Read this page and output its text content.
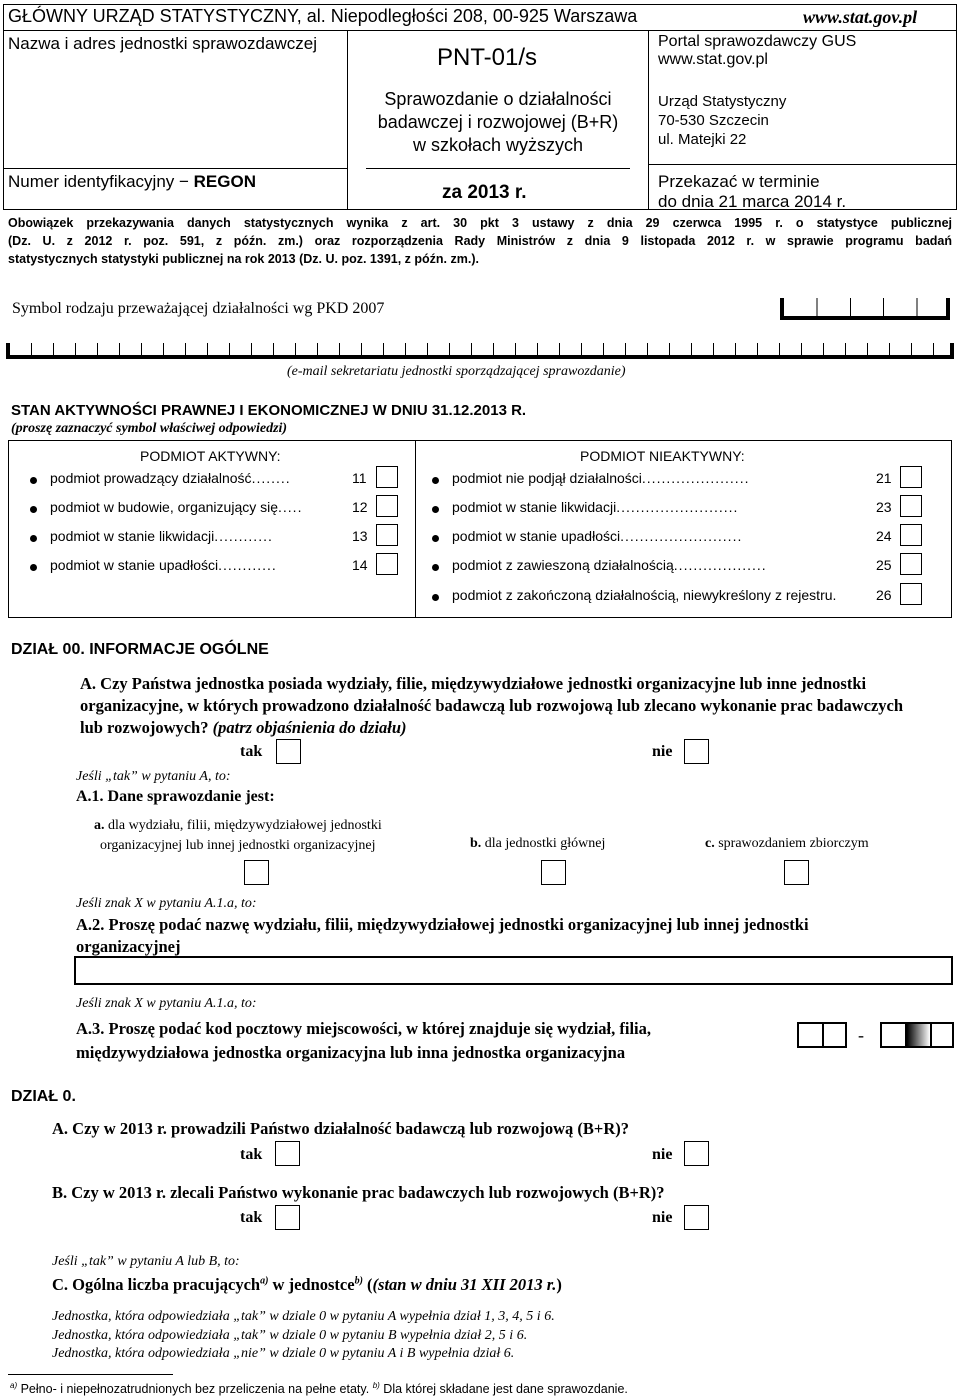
GŁÓWNY URZĄD STATYSTYCZNY, al. Niepodległości 208, 00-925 Warszawa	www.stat.gov.pl
Nazwa i adres jednostki sprawozdawczej
Numer identyfikacyjny − REGON
PNT-01/s
Sprawozdanie o działalności
badawczej i rozwojowej (B+R)
w szkołach wyższych
za 2013 r.
Portal sprawozdawczy GUS
www.stat.gov.pl
Urząd Statystyczny
70-530 Szczecin
ul. Matejki 22
Przekazać w terminie
do dnia 21 marca 2014 r.
Obowiązek przekazywania danych statystycznych wynika z art. 30 pkt 3 ustawy z dnia 29 czerwca 1995 r. o statystyce publicznej
(Dz. U. z 2012 r. poz. 591, z późn. zm.) oraz rozporządzenia Rady Ministrów z dnia 9 listopada 2012 r. w sprawie programu badań
statystycznych statystyki publicznej na rok 2013 (Dz. U. poz. 1391, z późn. zm.).
Symbol rodzaju przeważającej działalności wg PKD 2007
(e-mail sekretariatu jednostki sporządzającej sprawozdanie)
STAN AKTYWNOŚCI PRAWNEJ I EKONOMICZNEJ W DNIU 31.12.2013 R.
(proszę zaznaczyć symbol właściwej odpowiedzi)
PODMIOT AKTYWNY:	PODMIOT NIEAKTYWNY:
podmiot prowadzący działalność........	11
podmiot w budowie, organizujący się.....	12
podmiot w stanie likwidacji............	13
podmiot w stanie upadłości............	14
podmiot nie podjął działalności......................	21
podmiot w stanie likwidacji.........................	23
podmiot w stanie upadłości.........................	24
podmiot z zawieszoną działalnością...................	25
podmiot z zakończoną działalnością, niewykreślony z rejestru.	26
DZIAŁ 00. INFORMACJE OGÓLNE
A. Czy Państwa jednostka posiada wydziały, filie, międzywydziałowe jednostki organizacyjne lub inne jednostki
organizacyjne, w których prowadzono działalność badawczą lub rozwojową lub zlecano wykonanie prac badawczych
lub rozwojowych? (patrz objaśnienia do działu)
tak	nie
Jeśli „tak” w pytaniu A, to:
A.1. Dane sprawozdanie jest:
a. dla wydziału, filii, międzywydziałowej jednostki
organizacyjnej lub innej jednostki organizacyjnej	b. dla jednostki głównej	c. sprawozdaniem zbiorczym
Jeśli znak X w pytaniu A.1.a, to:
A.2. Proszę podać nazwę wydziału, filii, międzywydziałowej jednostki organizacyjnej lub innej jednostki
organizacyjnej
Jeśli znak X w pytaniu A.1.a, to:
A.3. Proszę podać kod pocztowy miejscowości, w której znajduje się wydział, filia,
międzywydziałowa jednostka organizacyjna lub inna jednostka organizacyjna
-
DZIAŁ 0.
A. Czy w 2013 r. prowadzili Państwo działalność badawczą lub rozwojową (B+R)?
tak	nie
B. Czy w 2013 r. zlecali Państwo wykonanie prac badawczych lub rozwojowych (B+R)?
tak	nie
Jeśli „tak” w pytaniu A lub B, to:
C. Ogólna liczba pracujących$^{a)}$ w jednostce$^{b)}$ ((stan w dniu 31 XII 2013 r.)
Jednostka, która odpowiedziała „tak” w dziale 0 w pytaniu A wypełnia dział 1, 3, 4, 5 i 6.
Jednostka, która odpowiedziała „tak” w dziale 0 w pytaniu B wypełnia dział 2, 5 i 6.
Jednostka, która odpowiedziała „nie” w dziale 0 w pytaniu A i B wypełnia dział 6.
$^{a)}$ Pełno- i niepełnozatrudnionych bez przeliczenia na pełne etaty. $^{b)}$ Dla której składane jest dane sprawozdanie.
